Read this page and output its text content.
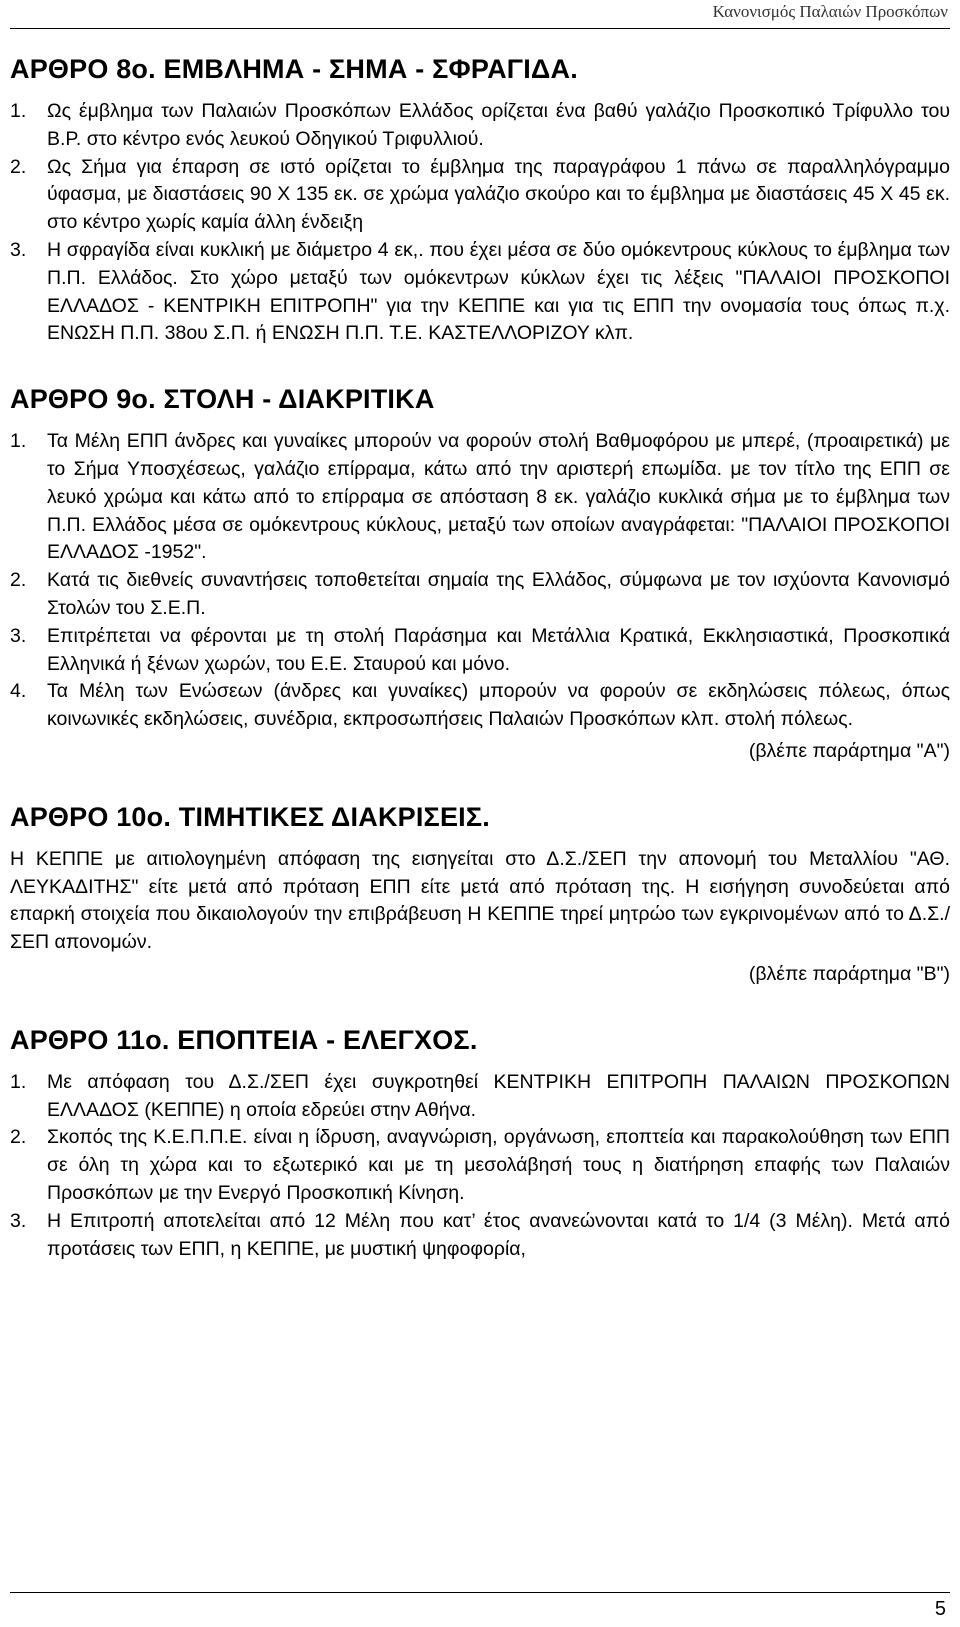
Κανονισμός Παλαιών Προσκόπων
ΑΡΘΡΟ 8ο. ΕΜΒΛΗΜΑ - ΣΗΜΑ - ΣΦΡΑΓΙΔΑ.
1.	Ως έμβλημα των Παλαιών Προσκόπων Ελλάδος ορίζεται ένα βαθύ γαλάζιο Προσκοπικό Τρίφυλλο του Β.Ρ. στο κέντρο ενός λευκού Οδηγικού Τριφυλλιού.
2.	Ως Σήμα για έπαρση σε ιστό ορίζεται το έμβλημα της παραγράφου 1 πάνω σε παραλληλόγραμμο ύφασμα, με διαστάσεις 90 Χ 135 εκ. σε χρώμα γαλάζιο σκούρο και το έμβλημα με διαστάσεις 45 Χ 45 εκ. στο κέντρο χωρίς καμία άλλη ένδειξη
3.	Η σφραγίδα είναι κυκλική με διάμετρο 4 εκ,. που έχει μέσα σε δύο ομόκεντρους κύκλους το έμβλημα των Π.Π. Ελλάδος. Στο χώρο μεταξύ των ομόκεντρων κύκλων έχει τις λέξεις "ΠΑΛΑΙΟΙ ΠΡΟΣΚΟΠΟΙ ΕΛΛΑΔΟΣ - ΚΕΝΤΡΙΚΗ ΕΠΙΤΡΟΠΗ" για την ΚΕΠΠΕ και για τις ΕΠΠ την ονομασία τους όπως π.χ. ΕΝΩΣΗ Π.Π. 38ου Σ.Π. ή ΕΝΩΣΗ Π.Π. Τ.Ε. ΚΑΣΤΕΛΛΟΡΙΖΟΥ κλπ.
ΑΡΘΡΟ 9ο. ΣΤΟΛΗ - ΔΙΑΚΡΙΤΙΚΑ
1.	Τα Μέλη ΕΠΠ άνδρες και γυναίκες μπορούν να φορούν στολή Βαθμοφόρου με μπερέ, (προαιρετικά) με το Σήμα Υποσχέσεως, γαλάζιο επίρραμα, κάτω από την αριστερή επωμίδα. με τον τίτλο της ΕΠΠ σε λευκό χρώμα και κάτω από το επίρραμα σε απόσταση 8 εκ. γαλάζιο κυκλικά σήμα με το έμβλημα των Π.Π. Ελλάδος μέσα σε ομόκεντρους κύκλους, μεταξύ των οποίων αναγράφεται: "ΠΑΛΑΙΟΙ ΠΡΟΣΚΟΠΟΙ ΕΛΛΑΔΟΣ -1952".
2.	Κατά τις διεθνείς συναντήσεις τοποθετείται σημαία της Ελλάδος, σύμφωνα με τον ισχύοντα Κανονισμό Στολών του Σ.Ε.Π.
3.	Επιτρέπεται να φέρονται με τη στολή Παράσημα και Μετάλλια Κρατικά, Εκκλησιαστικά, Προσκοπικά Ελληνικά ή ξένων χωρών, του Ε.Ε. Σταυρού και μόνο.
4.	Τα Μέλη των Ενώσεων (άνδρες και γυναίκες) μπορούν να φορούν σε εκδηλώσεις πόλεως, όπως κοινωνικές εκδηλώσεις, συνέδρια, εκπροσωπήσεις Παλαιών Προσκόπων κλπ. στολή πόλεως.
(βλέπε παράρτημα "Α")
ΑΡΘΡΟ 10ο. ΤΙΜΗΤΙΚΕΣ ΔΙΑΚΡΙΣΕΙΣ.
Η ΚΕΠΠΕ με αιτιολογημένη απόφαση της εισηγείται στο Δ.Σ./ΣΕΠ την απονομή του Μεταλλίου "ΑΘ. ΛΕΥΚΑΔΙΤΗΣ" είτε μετά από πρόταση ΕΠΠ είτε μετά από πρόταση της. Η εισήγηση συνοδεύεται από επαρκή στοιχεία που δικαιολογούν την επιβράβευση Η ΚΕΠΠΕ τηρεί μητρώο των εγκρινομένων από το Δ.Σ./ΣΕΠ απονομών.
(βλέπε παράρτημα "Β")
ΑΡΘΡΟ 11ο. ΕΠΟΠΤΕΙΑ - ΕΛΕΓΧΟΣ.
1.	Με απόφαση του Δ.Σ./ΣΕΠ έχει συγκροτηθεί ΚΕΝΤΡΙΚΗ ΕΠΙΤΡΟΠΗ ΠΑΛΑΙΩΝ ΠΡΟΣΚΟΠΩΝ ΕΛΛΑΔΟΣ (ΚΕΠΠΕ) η οποία εδρεύει στην Αθήνα.
2.	Σκοπός της Κ.Ε.Π.Π.Ε. είναι η ίδρυση, αναγνώριση, οργάνωση, εποπτεία και παρακολούθηση των ΕΠΠ σε όλη τη χώρα και το εξωτερικό και με τη μεσολάβησή τους η διατήρηση επαφής των Παλαιών Προσκόπων με την Ενεργό Προσκοπική Κίνηση.
3.	Η Επιτροπή αποτελείται από 12 Μέλη που κατ’ έτος ανανεώνονται κατά το 1/4 (3 Μέλη). Μετά από προτάσεις των ΕΠΠ, η ΚΕΠΠΕ, με μυστική ψηφοφορία,
5
